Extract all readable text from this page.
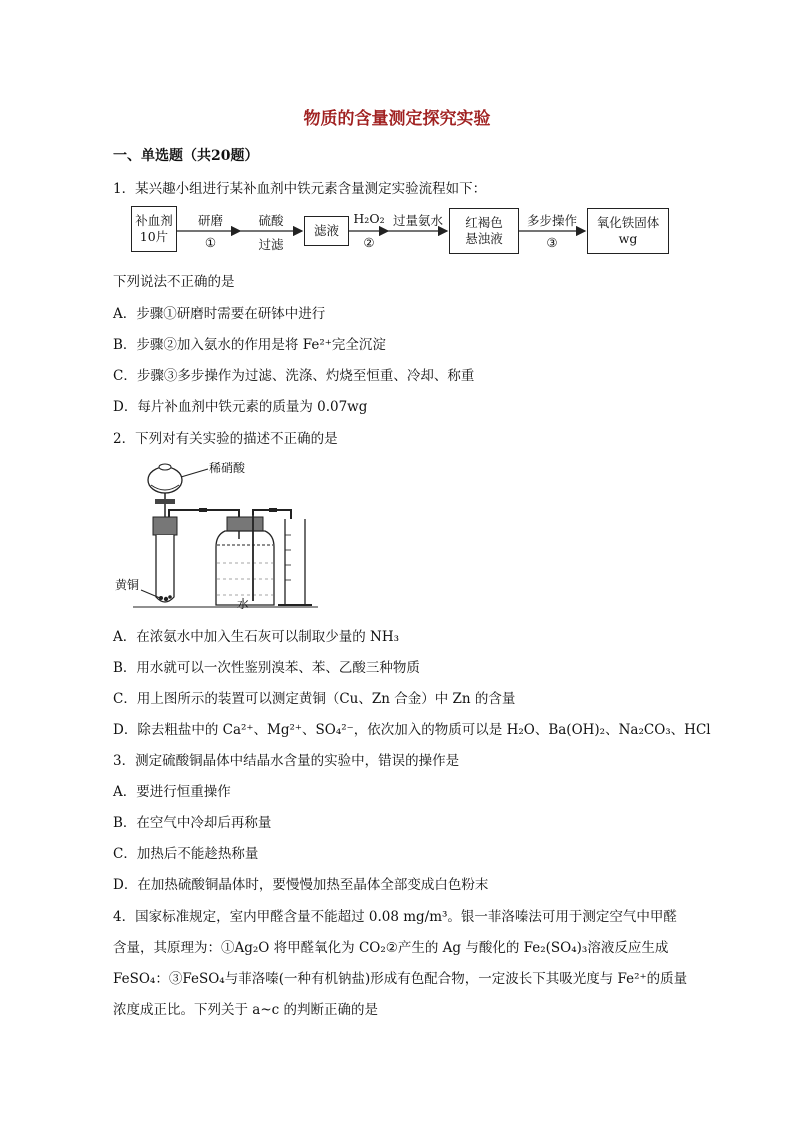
物质的含量测定探究实验
一、单选题（共20题）
1．某兴趣小组进行某补血剂中铁元素含量测定实验流程如下：
补血剂
10片
研磨
①
硫酸
过滤
滤液
H₂O₂
②
过量氨水	红褐色
悬浊液
多步操作
③
氧化铁固体
wg
下列说法不正确的是
A．步骤①研磨时需要在研钵中进行
B．步骤②加入氨水的作用是将 Fe²⁺完全沉淀
C．步骤③多步操作为过滤、洗涤、灼烧至恒重、冷却、称重
D．每片补血剂中铁元素的质量为 0.07wg
2．下列对有关实验的描述不正确的是
稀硝酸
黄铜
水
A．在浓氨水中加入生石灰可以制取少量的 NH₃
B．用水就可以一次性鉴别溴苯、苯、乙酸三种物质
C．用上图所示的装置可以测定黄铜（Cu、Zn 合金）中 Zn 的含量
D．除去粗盐中的 Ca²⁺、Mg²⁺、SO₄²⁻，依次加入的物质可以是 H₂O、Ba(OH)₂、Na₂CO₃、HCl
3．测定硫酸铜晶体中结晶水含量的实验中，错误的操作是
A．要进行恒重操作
B．在空气中冷却后再称量
C．加热后不能趁热称量
D．在加热硫酸铜晶体时，要慢慢加热至晶体全部变成白色粉末
4．国家标准规定，室内甲醛含量不能超过 0.08 mg/m³。银一菲洛嗪法可用于测定空气中甲醛
含量，其原理为：①Ag₂O 将甲醛氧化为 CO₂②产生的 Ag 与酸化的 Fe₂(SO₄)₃溶液反应生成
FeSO₄：③FeSO₄与菲洛嗪(一种有机钠盐)形成有色配合物，一定波长下其吸光度与 Fe²⁺的质量
浓度成正比。下列关于 a~c 的判断正确的是
